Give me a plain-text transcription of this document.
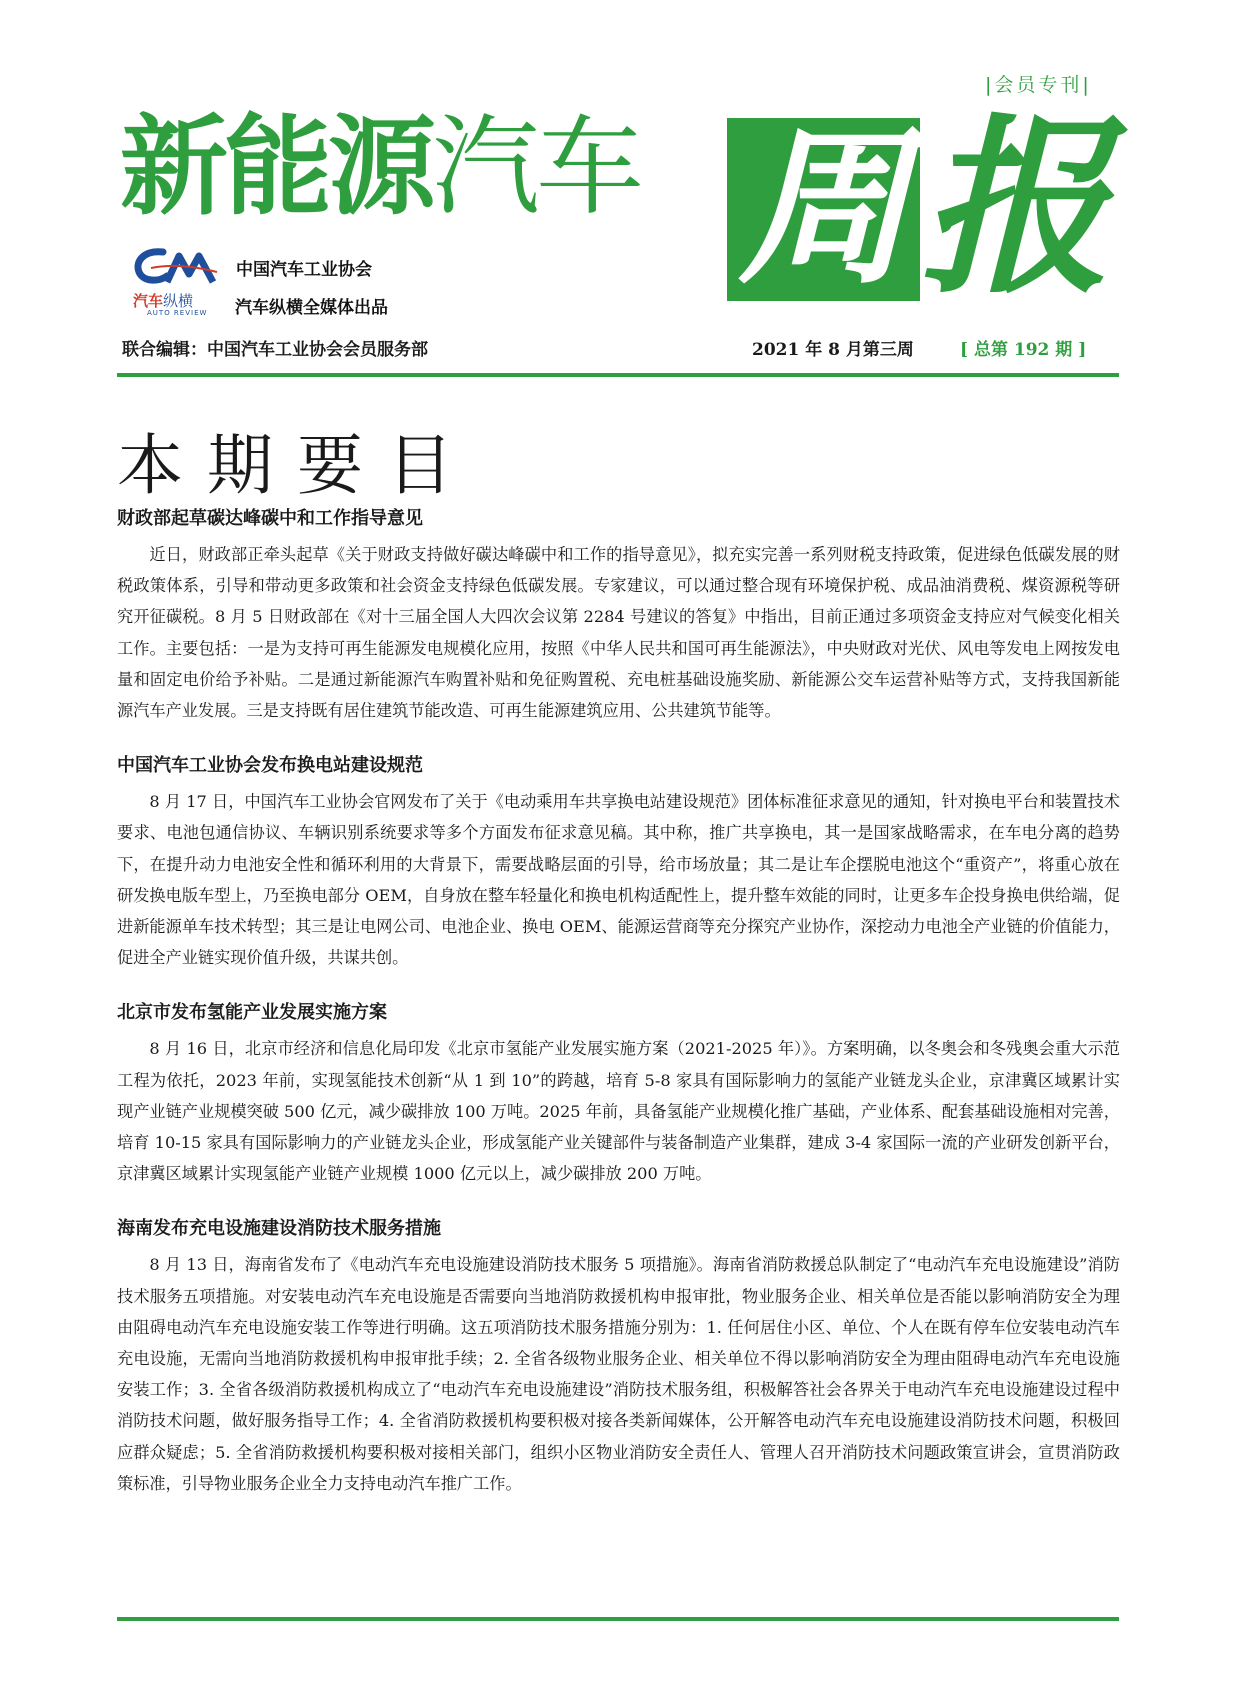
|会员专刊|
新能源汽车 周 报
中国汽车工业协会
汽车纵横
AUTO REVIEW	汽车纵横全媒体出品
联合编辑：中国汽车工业协会会员服务部	2021 年 8 月第三周	[ 总第 192 期 ]
本期要目
财政部起草碳达峰碳中和工作指导意见

近日，财政部正牵头起草《关于财政支持做好碳达峰碳中和工作的指导意见》，拟充实完善一系列财税支持政策，促进绿色低碳发展的财税政策体系，引导和带动更多政策和社会资金支持绿色低碳发展。专家建议，可以通过整合现有环境保护税、成品油消费税、煤资源税等研究开征碳税。8 月 5 日财政部在《对十三届全国人大四次会议第 2284 号建议的答复》中指出，目前正通过多项资金支持应对气候变化相关工作。主要包括：一是为支持可再生能源发电规模化应用，按照《中华人民共和国可再生能源法》，中央财政对光伏、风电等发电上网按发电量和固定电价给予补贴。二是通过新能源汽车购置补贴和免征购置税、充电桩基础设施奖励、新能源公交车运营补贴等方式，支持我国新能源汽车产业发展。三是支持既有居住建筑节能改造、可再生能源建筑应用、公共建筑节能等。

中国汽车工业协会发布换电站建设规范

8 月 17 日，中国汽车工业协会官网发布了关于《电动乘用车共享换电站建设规范》团体标准征求意见的通知，针对换电平台和装置技术要求、电池包通信协议、车辆识别系统要求等多个方面发布征求意见稿。其中称，推广共享换电，其一是国家战略需求，在车电分离的趋势下，在提升动力电池安全性和循环利用的大背景下，需要战略层面的引导，给市场放量；其二是让车企摆脱电池这个“重资产”，将重心放在研发换电版车型上，乃至换电部分 OEM，自身放在整车轻量化和换电机构适配性上，提升整车效能的同时，让更多车企投身换电供给端，促进新能源单车技术转型；其三是让电网公司、电池企业、换电 OEM、能源运营商等充分探究产业协作，深挖动力电池全产业链的价值能力，促进全产业链实现价值升级，共谋共创。

北京市发布氢能产业发展实施方案

8 月 16 日，北京市经济和信息化局印发《北京市氢能产业发展实施方案（2021-2025 年）》。方案明确，以冬奥会和冬残奥会重大示范工程为依托，2023 年前，实现氢能技术创新“从 1 到 10”的跨越，培育 5-8 家具有国际影响力的氢能产业链龙头企业，京津冀区域累计实现产业链产业规模突破 500 亿元，减少碳排放 100 万吨。2025 年前，具备氢能产业规模化推广基础，产业体系、配套基础设施相对完善，培育 10-15 家具有国际影响力的产业链龙头企业，形成氢能产业关键部件与装备制造产业集群，建成 3-4 家国际一流的产业研发创新平台，京津冀区域累计实现氢能产业链产业规模 1000 亿元以上，减少碳排放 200 万吨。

海南发布充电设施建设消防技术服务措施

8 月 13 日，海南省发布了《电动汽车充电设施建设消防技术服务 5 项措施》。海南省消防救援总队制定了“电动汽车充电设施建设”消防技术服务五项措施。对安装电动汽车充电设施是否需要向当地消防救援机构申报审批，物业服务企业、相关单位是否能以影响消防安全为理由阻碍电动汽车充电设施安装工作等进行明确。这五项消防技术服务措施分别为：1. 任何居住小区、单位、个人在既有停车位安装电动汽车充电设施，无需向当地消防救援机构申报审批手续；2. 全省各级物业服务企业、相关单位不得以影响消防安全为理由阻碍电动汽车充电设施安装工作；3. 全省各级消防救援机构成立了“电动汽车充电设施建设”消防技术服务组，积极解答社会各界关于电动汽车充电设施建设过程中消防技术问题，做好服务指导工作；4. 全省消防救援机构要积极对接各类新闻媒体，公开解答电动汽车充电设施建设消防技术问题，积极回应群众疑虑；5. 全省消防救援机构要积极对接相关部门，组织小区物业消防安全责任人、管理人召开消防技术问题政策宣讲会，宣贯消防政策标准，引导物业服务企业全力支持电动汽车推广工作。
